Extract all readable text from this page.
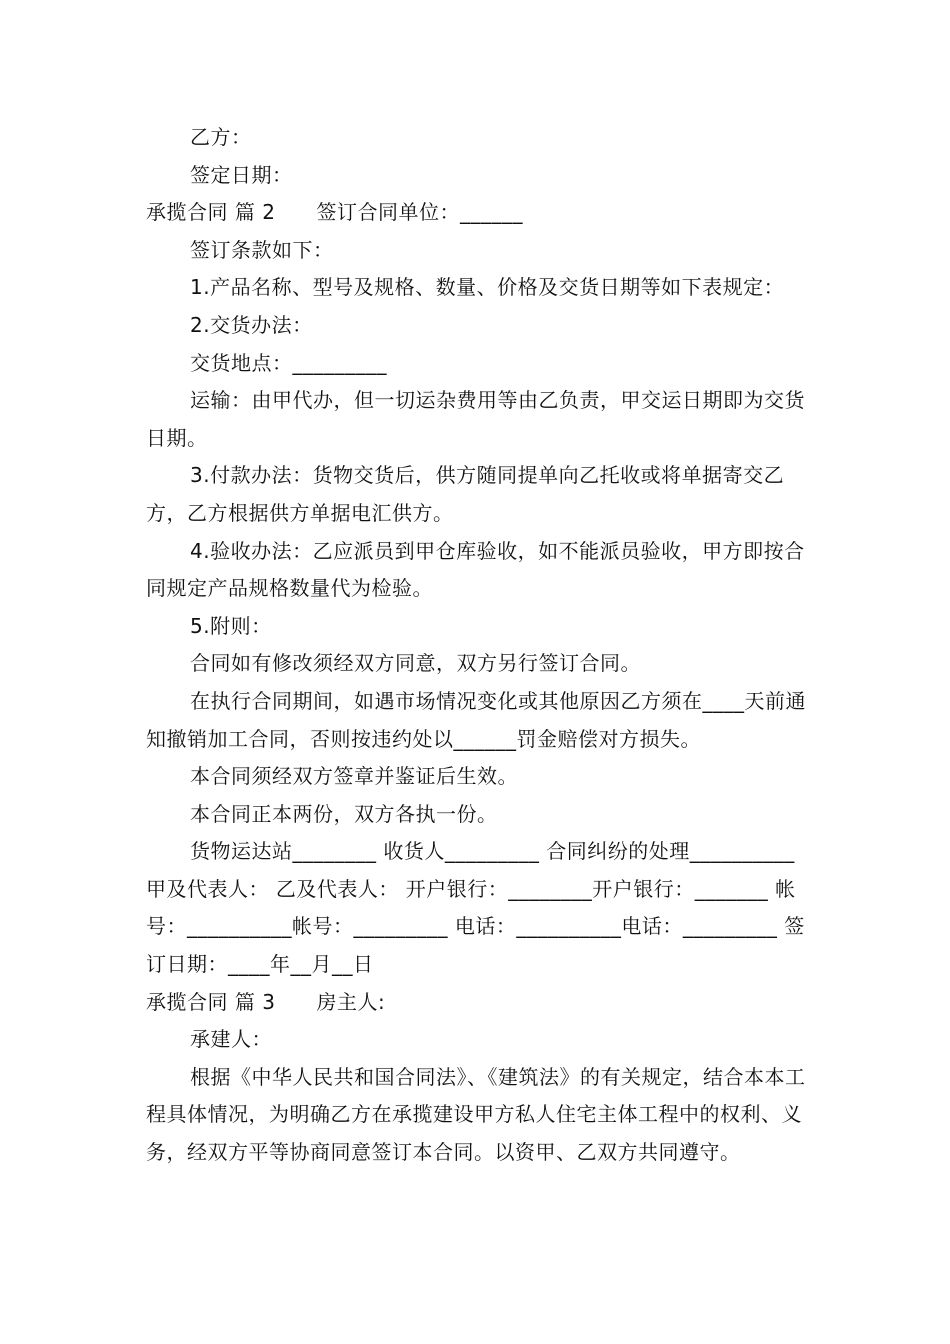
乙方：

签定日期：

承揽合同 篇 2　　签订合同单位：______

签订条款如下：

1.产品名称、型号及规格、数量、价格及交货日期等如下表规定：

2.交货办法：

交货地点：_________

运输：由甲代办，但一切运杂费用等由乙负责，甲交运日期即为交货日期。

3.付款办法：货物交货后，供方随同提单向乙托收或将单据寄交乙方，乙方根据供方单据电汇供方。

4.验收办法：乙应派员到甲仓库验收，如不能派员验收，甲方即按合同规定产品规格数量代为检验。

5.附则：

合同如有修改须经双方同意，双方另行签订合同。

在执行合同期间，如遇市场情况变化或其他原因乙方须在____天前通知撤销加工合同，否则按违约处以______罚金赔偿对方损失。

本合同须经双方签章并鉴证后生效。

本合同正本两份，双方各执一份。

货物运达站________ 收货人_________ 合同纠纷的处理__________ 甲及代表人： 乙及代表人： 开户银行：________开户银行：_______ 帐号：__________帐号：_________ 电话：__________电话：_________ 签订日期：____年__月__日

承揽合同 篇 3　　房主人:

承建人：

根据《中华人民共和国合同法》、《建筑法》的有关规定，结合本本工程具体情况，为明确乙方在承揽建设甲方私人住宅主体工程中的权利、义务，经双方平等协商同意签订本合同。以资甲、乙双方共同遵守。
